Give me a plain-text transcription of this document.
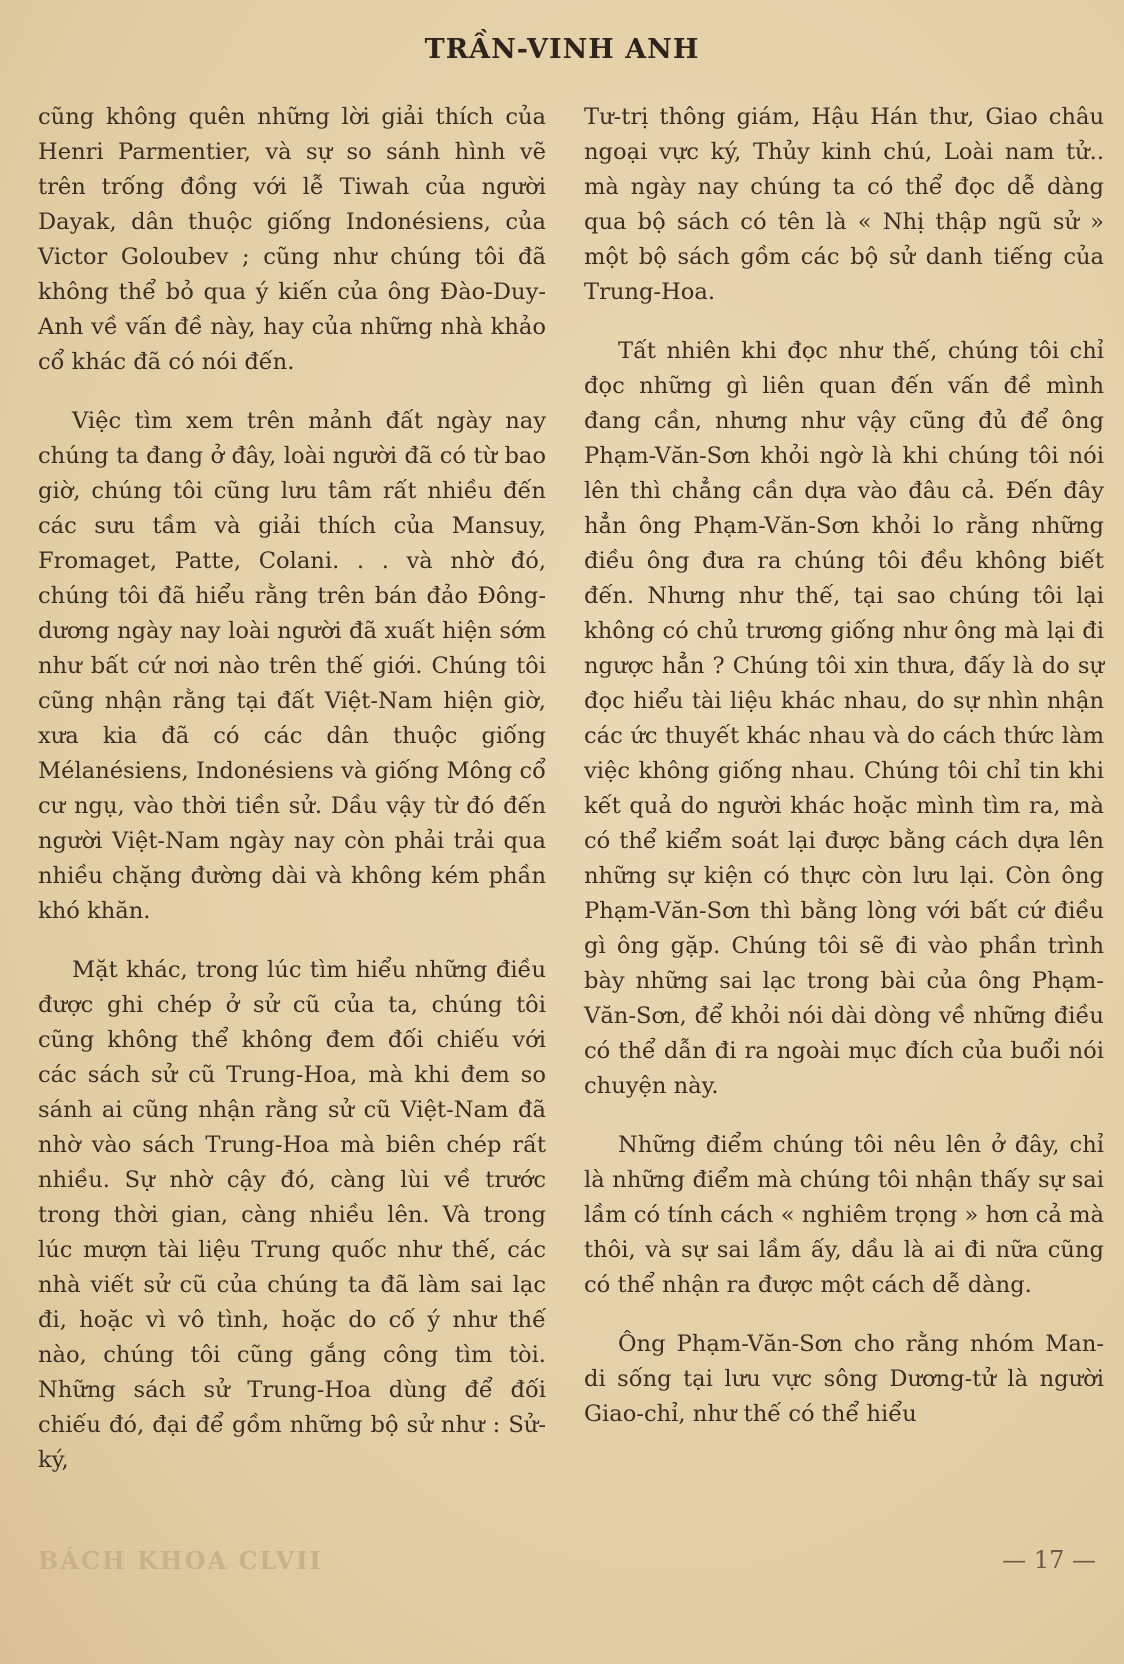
TRẦN-VINH ANH

cũng không quên những lời giải thích của Henri Parmentier, và sự so sánh hình vẽ trên trống đồng với lễ Tiwah của người Dayak, dân thuộc giống Indonésiens, của Victor Goloubev ; cũng như chúng tôi đã không thể bỏ qua ý kiến của ông Đào-Duy-Anh về vấn đề này, hay của những nhà khảo cổ khác đã có nói đến.

Việc tìm xem trên mảnh đất ngày nay chúng ta đang ở đây, loài người đã có từ bao giờ, chúng tôi cũng lưu tâm rất nhiều đến các sưu tầm và giải thích của Mansuy, Fromaget, Patte, Colani. . . và nhờ đó, chúng tôi đã hiểu rằng trên bán đảo Đông-dương ngày nay loài người đã xuất hiện sớm như bất cứ nơi nào trên thế giới. Chúng tôi cũng nhận rằng tại đất Việt-Nam hiện giờ, xưa kia đã có các dân thuộc giống Mélanésiens, Indonésiens và giống Mông cổ cư ngụ, vào thời tiền sử. Dầu vậy từ đó đến người Việt-Nam ngày nay còn phải trải qua nhiều chặng đường dài và không kém phần khó khăn.

Mặt khác, trong lúc tìm hiểu những điều được ghi chép ở sử cũ của ta, chúng tôi cũng không thể không đem đối chiếu với các sách sử cũ Trung-Hoa, mà khi đem so sánh ai cũng nhận rằng sử cũ Việt-Nam đã nhờ vào sách Trung-Hoa mà biên chép rất nhiều. Sự nhờ cậy đó, càng lùi về trước trong thời gian, càng nhiều lên. Và trong lúc mượn tài liệu Trung quốc như thế, các nhà viết sử cũ của chúng ta đã làm sai lạc đi, hoặc vì vô tình, hoặc do cố ý như thế nào, chúng tôi cũng gắng công tìm tòi. Những sách sử Trung-Hoa dùng để đối chiếu đó, đại để gồm những bộ sử như : Sử-ký,

Tư-trị thông giám, Hậu Hán thư, Giao châu ngoại vực ký, Thủy kinh chú, Loài nam tử.. mà ngày nay chúng ta có thể đọc dễ dàng qua bộ sách có tên là « Nhị thập ngũ sử » một bộ sách gồm các bộ sử danh tiếng của Trung-Hoa.

Tất nhiên khi đọc như thế, chúng tôi chỉ đọc những gì liên quan đến vấn đề mình đang cần, nhưng như vậy cũng đủ để ông Phạm-Văn-Sơn khỏi ngờ là khi chúng tôi nói lên thì chẳng cần dựa vào đâu cả. Đến đây hẳn ông Phạm-Văn-Sơn khỏi lo rằng những điều ông đưa ra chúng tôi đều không biết đến. Nhưng như thế, tại sao chúng tôi lại không có chủ trương giống như ông mà lại đi ngược hẳn ? Chúng tôi xin thưa, đấy là do sự đọc hiểu tài liệu khác nhau, do sự nhìn nhận các ức thuyết khác nhau và do cách thức làm việc không giống nhau. Chúng tôi chỉ tin khi kết quả do người khác hoặc mình tìm ra, mà có thể kiểm soát lại được bằng cách dựa lên những sự kiện có thực còn lưu lại. Còn ông Phạm-Văn-Sơn thì bằng lòng với bất cứ điều gì ông gặp. Chúng tôi sẽ đi vào phần trình bày những sai lạc trong bài của ông Phạm-Văn-Sơn, để khỏi nói dài dòng về những điều có thể dẫn đi ra ngoài mục đích của buổi nói chuyện này.

Những điểm chúng tôi nêu lên ở đây, chỉ là những điểm mà chúng tôi nhận thấy sự sai lầm có tính cách « nghiêm trọng » hơn cả mà thôi, và sự sai lầm ấy, dầu là ai đi nữa cũng có thể nhận ra được một cách dễ dàng.

Ông Phạm-Văn-Sơn cho rằng nhóm Man-di sống tại lưu vực sông Dương-tử là người Giao-chỉ, như thế có thể hiểu

BÁCH KHOA CLVII	— 17 —
